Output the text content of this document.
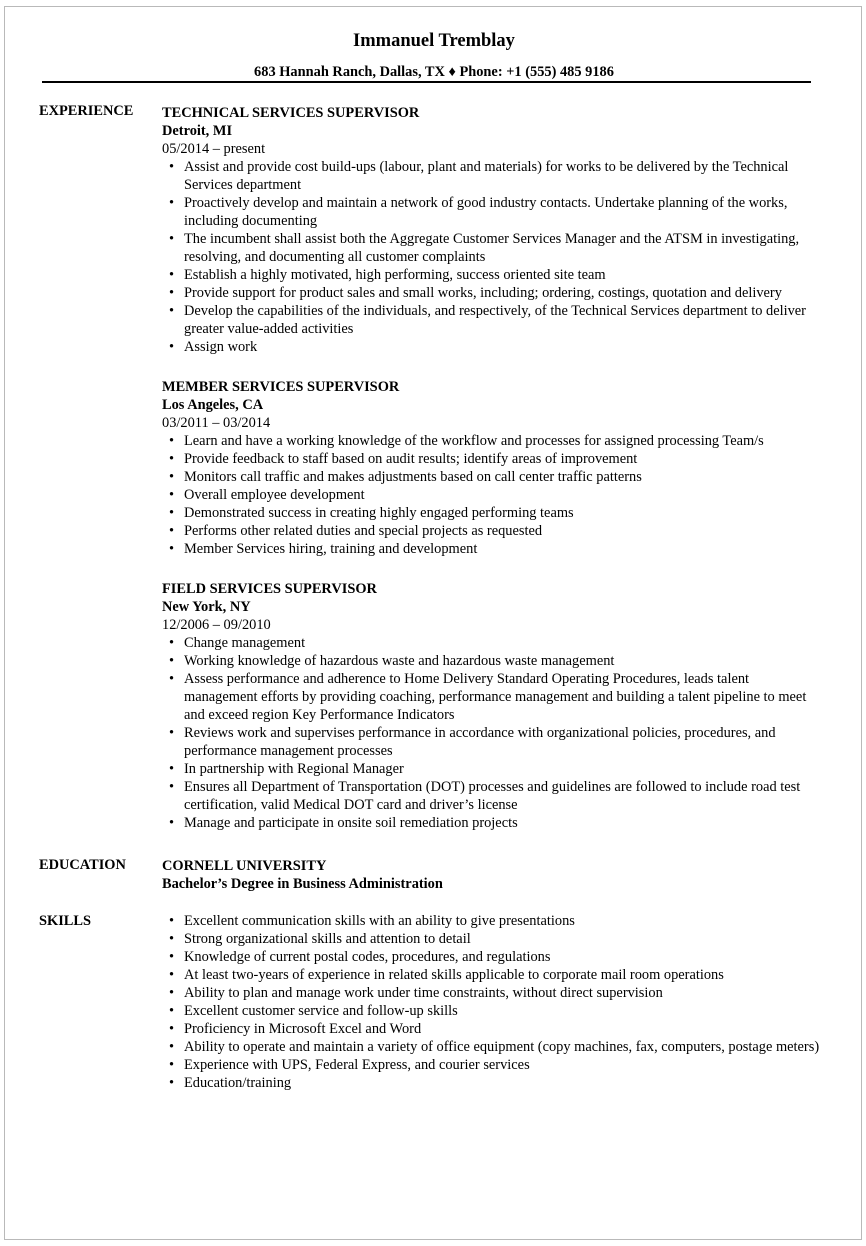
Immanuel Tremblay
683 Hannah Ranch, Dallas, TX ♦ Phone: +1 (555) 485 9186
EXPERIENCE TECHNICAL SERVICES SUPERVISOR
Detroit, MI
05/2014 – present
• Assist and provide cost build-ups (labour, plant and materials) for works to be delivered by the Technical Services department
• Proactively develop and maintain a network of good industry contacts. Undertake planning of the works, including documenting
• The incumbent shall assist both the Aggregate Customer Services Manager and the ATSM in investigating, resolving, and documenting all customer complaints
• Establish a highly motivated, high performing, success oriented site team
• Provide support for product sales and small works, including; ordering, costings, quotation and delivery
• Develop the capabilities of the individuals, and respectively, of the Technical Services department to deliver greater value-added activities
• Assign work
MEMBER SERVICES SUPERVISOR
Los Angeles, CA
03/2011 – 03/2014
• Learn and have a working knowledge of the workflow and processes for assigned processing Team/s
• Provide feedback to staff based on audit results; identify areas of improvement
• Monitors call traffic and makes adjustments based on call center traffic patterns
• Overall employee development
• Demonstrated success in creating highly engaged performing teams
• Performs other related duties and special projects as requested
• Member Services hiring, training and development
FIELD SERVICES SUPERVISOR
New York, NY
12/2006 – 09/2010
• Change management
• Working knowledge of hazardous waste and hazardous waste management
• Assess performance and adherence to Home Delivery Standard Operating Procedures, leads talent management efforts by providing coaching, performance management and building a talent pipeline to meet and exceed region Key Performance Indicators
• Reviews work and supervises performance in accordance with organizational policies, procedures, and performance management processes
• In partnership with Regional Manager
• Ensures all Department of Transportation (DOT) processes and guidelines are followed to include road test certification, valid Medical DOT card and driver’s license
• Manage and participate in onsite soil remediation projects
EDUCATION	CORNELL UNIVERSITY
Bachelor’s Degree in Business Administration
SKILLS
•	Excellent communication skills with an ability to give presentations
• Strong organizational skills and attention to detail
• Knowledge of current postal codes, procedures, and regulations
• At least two-years of experience in related skills applicable to corporate mail room operations
• Ability to plan and manage work under time constraints, without direct supervision
• Excellent customer service and follow-up skills
• Proficiency in Microsoft Excel and Word
• Ability to operate and maintain a variety of office equipment (copy machines, fax, computers, postage meters)
• Experience with UPS, Federal Express, and courier services
• Education/training
